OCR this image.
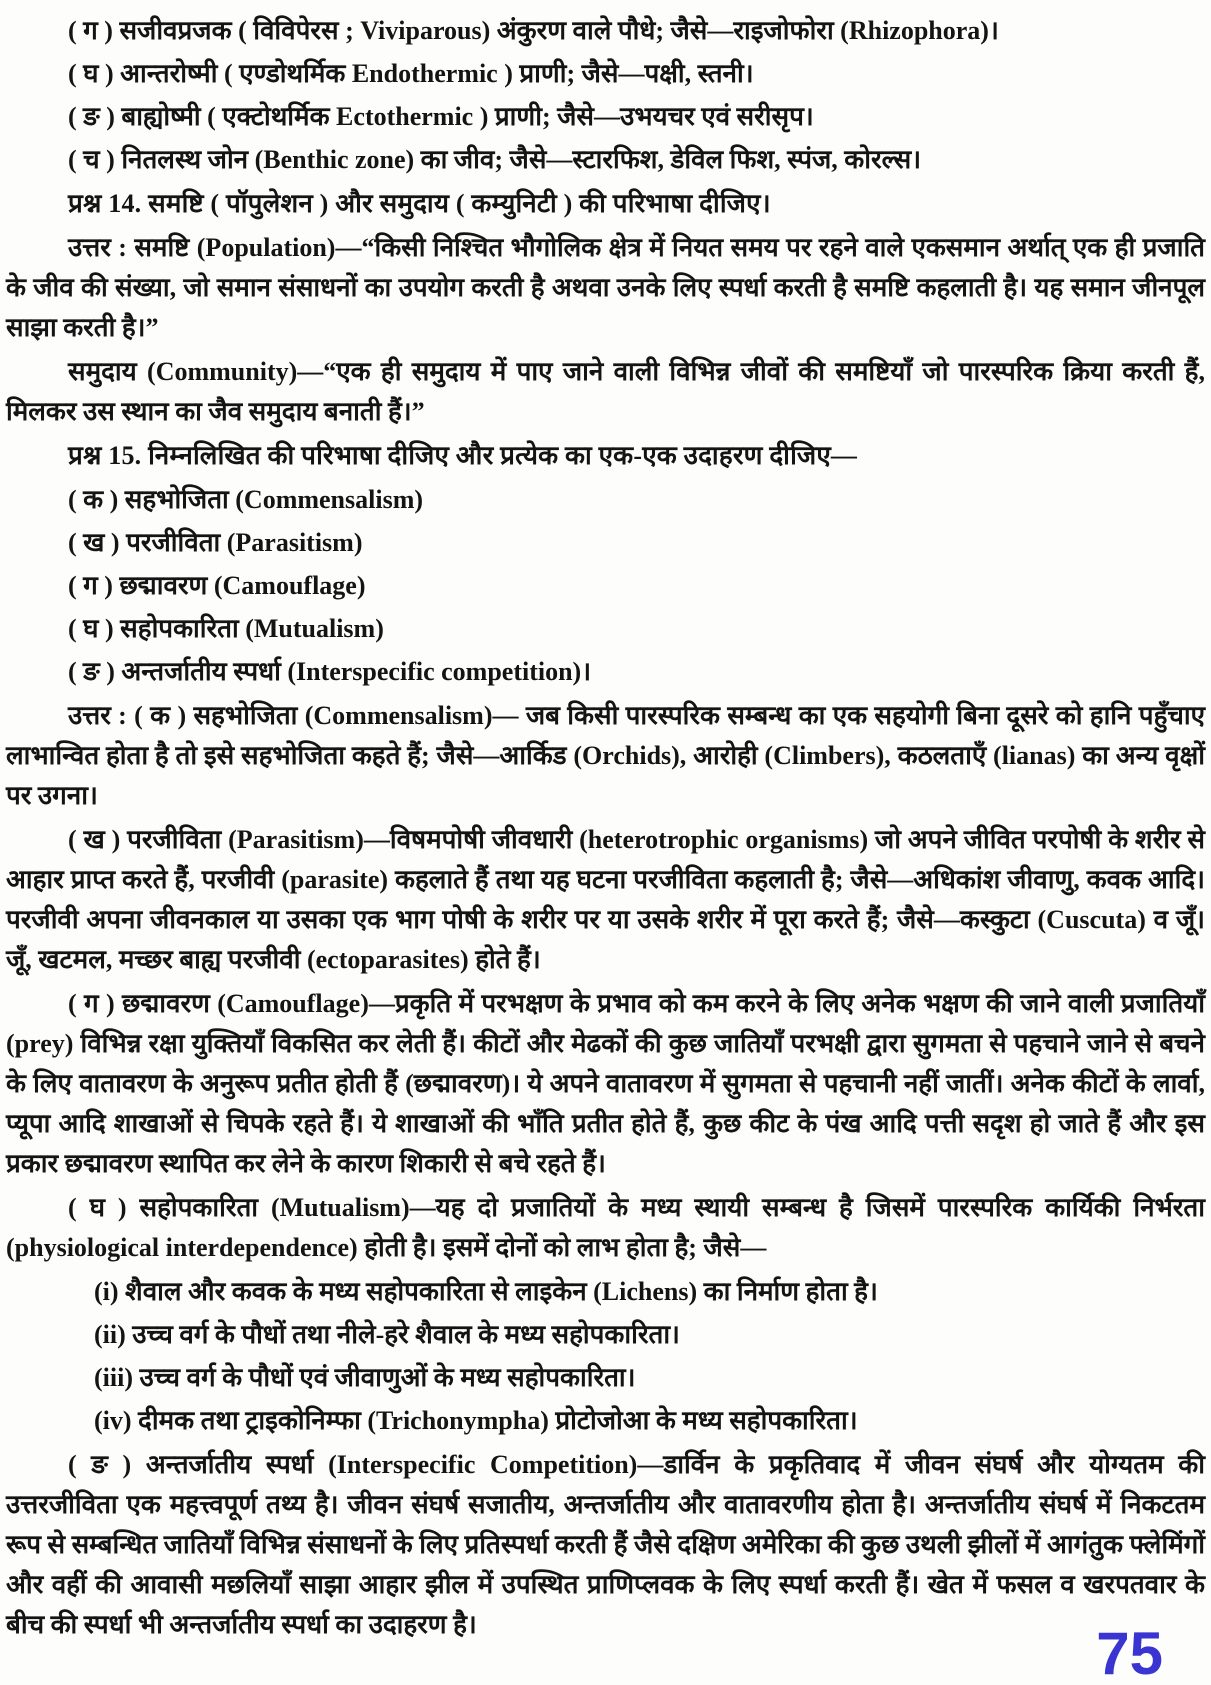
( ग ) सजीवप्रजक ( विविपेरस ; Viviparous) अंकुरण वाले पौधे; जैसे—राइजोफोरा (Rhizophora)।
( घ ) आन्तरोष्मी ( एण्डोथर्मिक Endothermic ) प्राणी; जैसे—पक्षी, स्तनी।
( ङ ) बाह्योष्मी ( एक्टोथर्मिक Ectothermic ) प्राणी; जैसे—उभयचर एवं सरीसृप।
( च ) नितलस्थ जोन (Benthic zone) का जीव; जैसे—स्टारफिश, डेविल फिश, स्पंज, कोरल्स।

प्रश्न 14. समष्टि ( पॉपुलेशन ) और समुदाय ( कम्युनिटी ) की परिभाषा दीजिए।

उत्तर : समष्टि (Population)—“किसी निश्चित भौगोलिक क्षेत्र में नियत समय पर रहने वाले एकसमान अर्थात् एक ही प्रजाति के जीव की संख्या, जो समान संसाधनों का उपयोग करती है अथवा उनके लिए स्पर्धा करती है समष्टि कहलाती है। यह समान जीनपूल साझा करती है।”

समुदाय (Community)—“एक ही समुदाय में पाए जाने वाली विभिन्न जीवों की समष्टियाँ जो पारस्परिक क्रिया करती हैं, मिलकर उस स्थान का जैव समुदाय बनाती हैं।”

प्रश्न 15. निम्नलिखित की परिभाषा दीजिए और प्रत्येक का एक-एक उदाहरण दीजिए—

( क ) सहभोजिता (Commensalism)
( ख ) परजीविता (Parasitism)
( ग ) छद्मावरण (Camouflage)
( घ ) सहोपकारिता (Mutualism)
( ङ ) अन्तर्जातीय स्पर्धा (Interspecific competition)।

उत्तर : ( क ) सहभोजिता (Commensalism)— जब किसी पारस्परिक सम्बन्ध का एक सहयोगी बिना दूसरे को हानि पहुँचाए लाभान्वित होता है तो इसे सहभोजिता कहते हैं; जैसे—आर्किड (Orchids), आरोही (Climbers), कठलताएँ (lianas) का अन्य वृक्षों पर उगना।

( ख ) परजीविता (Parasitism)—विषमपोषी जीवधारी (heterotrophic organisms) जो अपने जीवित परपोषी के शरीर से आहार प्राप्त करते हैं, परजीवी (parasite) कहलाते हैं तथा यह घटना परजीविता कहलाती है; जैसे—अधिकांश जीवाणु, कवक आदि। परजीवी अपना जीवनकाल या उसका एक भाग पोषी के शरीर पर या उसके शरीर में पूरा करते हैं; जैसे—कस्कुटा (Cuscuta) व जूँ। जूँ, खटमल, मच्छर बाह्य परजीवी (ectoparasites) होते हैं।

( ग ) छद्मावरण (Camouflage)—प्रकृति में परभक्षण के प्रभाव को कम करने के लिए अनेक भक्षण की जाने वाली प्रजातियाँ (prey) विभिन्न रक्षा युक्तियाँ विकसित कर लेती हैं। कीटों और मेढकों की कुछ जातियाँ परभक्षी द्वारा सुगमता से पहचाने जाने से बचने के लिए वातावरण के अनुरूप प्रतीत होती हैं (छद्मावरण)। ये अपने वातावरण में सुगमता से पहचानी नहीं जातीं। अनेक कीटों के लार्वा, प्यूपा आदि शाखाओं से चिपके रहते हैं। ये शाखाओं की भाँति प्रतीत होते हैं, कुछ कीट के पंख आदि पत्ती सदृश हो जाते हैं और इस प्रकार छद्मावरण स्थापित कर लेने के कारण शिकारी से बचे रहते हैं।

( घ ) सहोपकारिता (Mutualism)—यह दो प्रजातियों के मध्य स्थायी सम्बन्ध है जिसमें पारस्परिक कार्यिकी निर्भरता (physiological interdependence) होती है। इसमें दोनों को लाभ होता है; जैसे—

(i) शैवाल और कवक के मध्य सहोपकारिता से लाइकेन (Lichens) का निर्माण होता है।
(ii) उच्च वर्ग के पौधों तथा नीले-हरे शैवाल के मध्य सहोपकारिता।
(iii) उच्च वर्ग के पौधों एवं जीवाणुओं के मध्य सहोपकारिता।
(iv) दीमक तथा ट्राइकोनिम्फा (Trichonympha) प्रोटोजोआ के मध्य सहोपकारिता।

( ङ ) अन्तर्जातीय स्पर्धा (Interspecific Competition)—डार्विन के प्रकृतिवाद में जीवन संघर्ष और योग्यतम की उत्तरजीविता एक महत्त्वपूर्ण तथ्य है। जीवन संघर्ष सजातीय, अन्तर्जातीय और वातावरणीय होता है। अन्तर्जातीय संघर्ष में निकटतम रूप से सम्बन्धित जातियाँ विभिन्न संसाधनों के लिए प्रतिस्पर्धा करती हैं जैसे दक्षिण अमेरिका की कुछ उथली झीलों में आगंतुक फ्लेमिंगों और वहीं की आवासी मछलियाँ साझा आहार झील में उपस्थित प्राणिप्लवक के लिए स्पर्धा करती हैं। खेत में फसल व खरपतवार के बीच की स्पर्धा भी अन्तर्जातीय स्पर्धा का उदाहरण है।	75
